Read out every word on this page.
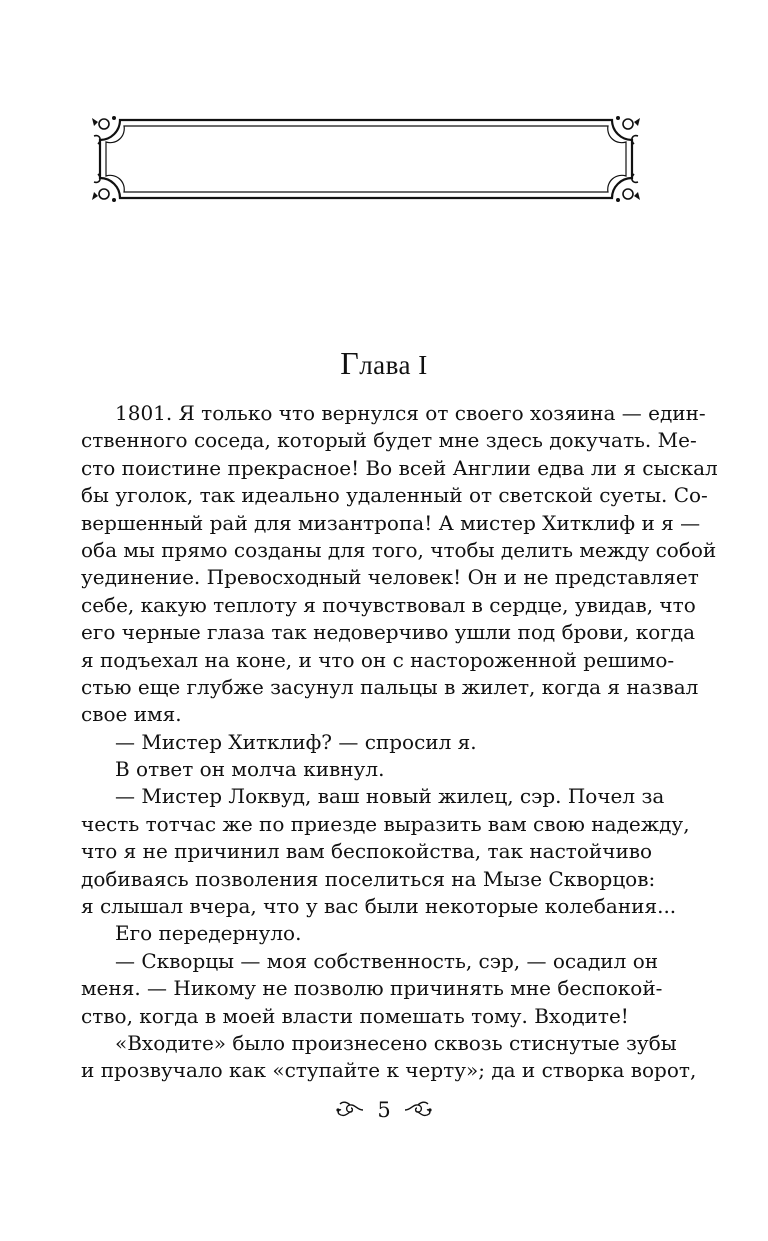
Глава I
1801. Я только что вернулся от своего хозяина — един-
ственного соседа, который будет мне здесь докучать. Ме-
сто поистине прекрасное! Во всей Англии едва ли я сыскал
бы уголок, так идеально удаленный от светской суеты. Со-
вершенный рай для мизантропа! А мистер Хитклиф и я —
оба мы прямо созданы для того, чтобы делить между собой
уединение. Превосходный человек! Он и не представляет
себе, какую теплоту я почувствовал в сердце, увидав, что
его черные глаза так недоверчиво ушли под брови, когда
я подъехал на коне, и что он с настороженной решимо-
стью еще глубже засунул пальцы в жилет, когда я назвал
свое имя.
— Мистер Хитклиф? — спросил я.
В ответ он молча кивнул.
— Мистер Локвуд, ваш новый жилец, сэр. Почел за
честь тотчас же по приезде выразить вам свою надежду,
что я не причинил вам беспокойства, так настойчиво
добиваясь позволения поселиться на Мызе Скворцов:
я слышал вчера, что у вас были некоторые колебания...
Его передернуло.
— Скворцы — моя собственность, сэр, — осадил он
меня. — Никому не позволю причинять мне беспокой-
ство, когда в моей власти помешать тому. Входите!
«Входите» было произнесено сквозь стиснутые зубы
и прозвучало как «ступайте к черту»; да и створка ворот,
5
